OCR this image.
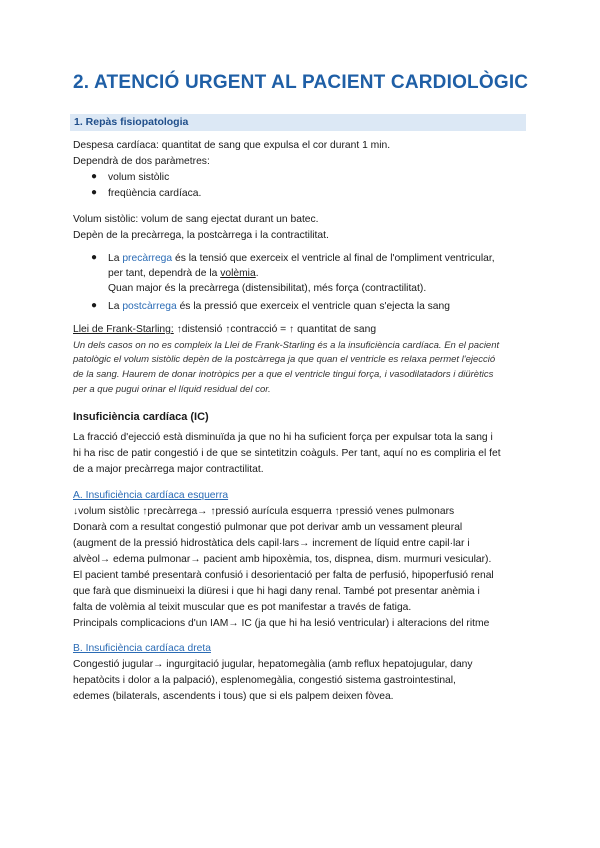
2. ATENCIÓ URGENT AL PACIENT CARDIOLÒGIC
1. Repàs fisiopatologia
Despesa cardíaca: quantitat de sang que expulsa el cor durant 1 min.
Dependrà de dos paràmetres:
● volum sistòlic
● freqüència cardíaca.
Volum sistòlic: volum de sang ejectat durant un batec.
Depèn de la precàrrega, la postcàrrega i la contractilitat.
● La precàrrega és la tensió que exerceix el ventricle al final de l'ompliment ventricular,
per tant, dependrà de la volèmia.
Quan major és la precàrrega (distensibilitat), més força (contractilitat).
● La postcàrrega és la pressió que exerceix el ventricle quan s'ejecta la sang
Llei de Frank-Starling: ↑distensió ↑contracció = ↑ quantitat de sang
Un dels casos on no es compleix la Llei de Frank-Starling és a la insuficiència cardíaca. En el pacient
patològic el volum sistòlic depèn de la postcàrrega ja que quan el ventricle es relaxa permet l'ejecció
de la sang. Haurem de donar inotròpics per a que el ventricle tingui força, i vasodilatadors i diürètics
per a que pugui orinar el líquid residual del cor.
Insuficiència cardíaca (IC)
La fracció d'ejecció està disminuïda ja que no hi ha suficient força per expulsar tota la sang i
hi ha risc de patir congestió i de que se sintetitzin coàguls. Per tant, aquí no es compliria el fet
de a major precàrrega major contractilitat.
A. Insuficiència cardíaca esquerra
↓volum sistòlic ↑precàrrega→ ↑pressió aurícula esquerra ↑pressió venes pulmonars
Donarà com a resultat congestió pulmonar que pot derivar amb un vessament pleural
(augment de la pressió hidrostàtica dels capil·lars→ increment de líquid entre capil·lar i
alvèol→ edema pulmonar→ pacient amb hipoxèmia, tos, dispnea, dism. murmuri vesicular).
El pacient també presentarà confusió i desorientació per falta de perfusió, hipoperfusió renal
que farà que disminueixi la diüresi i que hi hagi dany renal. També pot presentar anèmia i
falta de volèmia al teixit muscular que es pot manifestar a través de fatiga.
Principals complicacions d'un IAM→ IC (ja que hi ha lesió ventricular) i alteracions del ritme
B. Insuficiència cardíaca dreta
Congestió jugular→ ingurgitació jugular, hepatomegàlia (amb reflux hepatojugular, dany
hepatòcits i dolor a la palpació), esplenomegàlia, congestió sistema gastrointestinal,
edemes (bilaterals, ascendents i tous) que si els palpem deixen fòvea.
